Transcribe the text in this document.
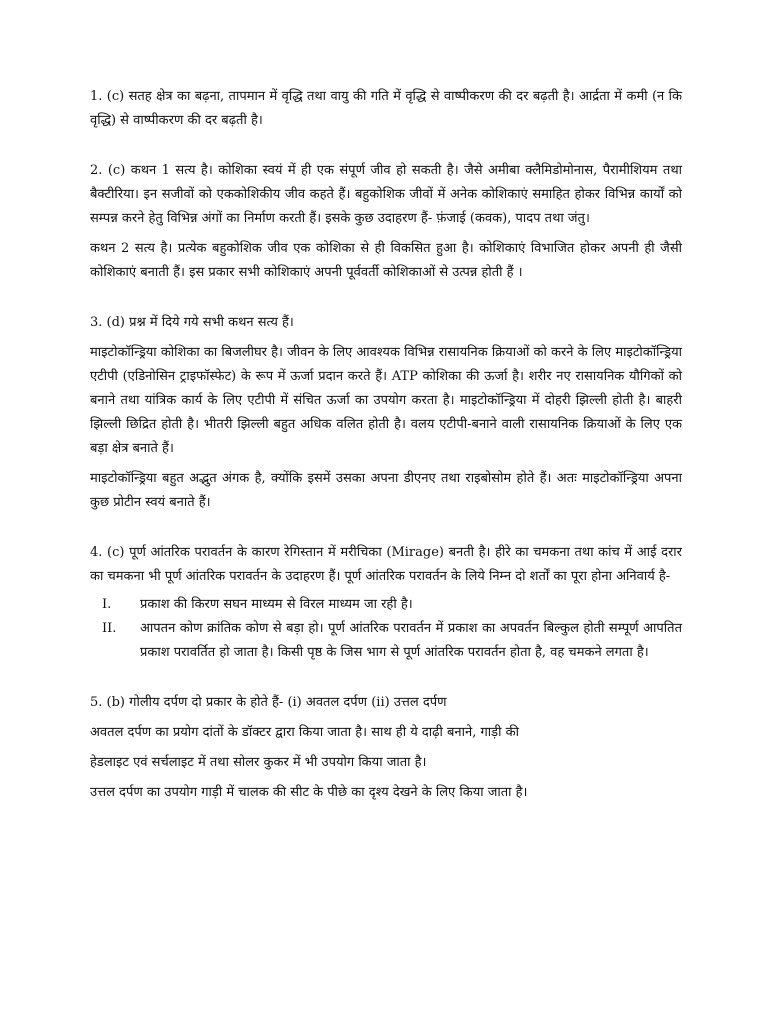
1. (c) सतह क्षेत्र का बढ़ना, तापमान में वृद्धि तथा वायु की गति में वृद्धि से वाष्पीकरण की दर बढ़ती है। आर्द्रता में कमी (न कि वृद्धि) से वाष्पीकरण की दर बढ़ती है।

2. (c) कथन 1 सत्य है। कोशिका स्वयं में ही एक संपूर्ण जीव हो सकती है। जैसे अमीबा क्लैमिडोमोनास, पैरामीशियम तथा बैक्टीरिया। इन सजीवों को एककोशिकीय जीव कहते हैं। बहुकोशिक जीवों में अनेक कोशिकाएं समाहित होकर विभिन्न कार्यों को सम्पन्न करने हेतु विभिन्न अंगों का निर्माण करती हैं। इसके कुछ उदाहरण हैं- फ़ंजाई (कवक), पादप तथा जंतु।

कथन 2 सत्य है। प्रत्येक बहुकोशिक जीव एक कोशिका से ही विकसित हुआ है। कोशिकाएं विभाजित होकर अपनी ही जैसी कोशिकाएं बनाती हैं। इस प्रकार सभी कोशिकाएं अपनी पूर्ववर्ती कोशिकाओं से उत्पन्न होती हैं ।

3. (d) प्रश्न में दिये गये सभी कथन सत्य हैं।

माइटोकॉन्ड्रिया कोशिका का बिजलीघर है। जीवन के लिए आवश्यक विभिन्न रासायनिक क्रियाओं को करने के लिए माइटोकॉन्ड्रिया एटीपी (एडिनोसिन ट्राइफॉस्फेट) के रूप में ऊर्जा प्रदान करते हैं। ATP कोशिका की ऊर्जा है। शरीर नए रासायनिक यौगिकों को बनाने तथा यांत्रिक कार्य के लिए एटीपी में संचित ऊर्जा का उपयोग करता है। माइटोकॉन्ड्रिया में दोहरी झिल्ली होती है। बाहरी झिल्ली छिद्रित होती है। भीतरी झिल्ली बहुत अधिक वलित होती है। वलय एटीपी-बनाने वाली रासायनिक क्रियाओं के लिए एक बड़ा क्षेत्र बनाते हैं।

माइटोकॉन्ड्रिया बहुत अद्भुत अंगक है, क्योंकि इसमें उसका अपना डीएनए तथा राइबोसोम होते हैं। अतः माइटोकॉन्ड्रिया अपना कुछ प्रोटीन स्वयं बनाते हैं।

4. (c) पूर्ण आंतरिक परावर्तन के कारण रेगिस्तान में मरीचिका (Mirage) बनती है। हीरे का चमकना तथा कांच में आई दरार का चमकना भी पूर्ण आंतरिक परावर्तन के उदाहरण हैं। पूर्ण आंतरिक परावर्तन के लिये निम्न दो शर्तों का पूरा होना अनिवार्य है-

I.	प्रकाश की किरण सघन माध्यम से विरल माध्यम जा रही है।
II.	आपतन कोण क्रांतिक कोण से बड़ा हो। पूर्ण आंतरिक परावर्तन में प्रकाश का अपवर्तन बिल्कुल होती सम्पूर्ण आपतित प्रकाश परावर्तित हो जाता है। किसी पृष्ठ के जिस भाग से पूर्ण आंतरिक परावर्तन होता है, वह चमकने लगता है।

5. (b) गोलीय दर्पण दो प्रकार के होते हैं- (i) अवतल दर्पण (ii) उत्तल दर्पण

अवतल दर्पण का प्रयोग दांतों के डॉक्टर द्वारा किया जाता है। साथ ही ये दाढ़ी बनाने, गाड़ी की

हेडलाइट एवं सर्चलाइट में तथा सोलर कुकर में भी उपयोग किया जाता है।

उत्तल दर्पण का उपयोग गाड़ी में चालक की सीट के पीछे का दृश्य देखने के लिए किया जाता है।
